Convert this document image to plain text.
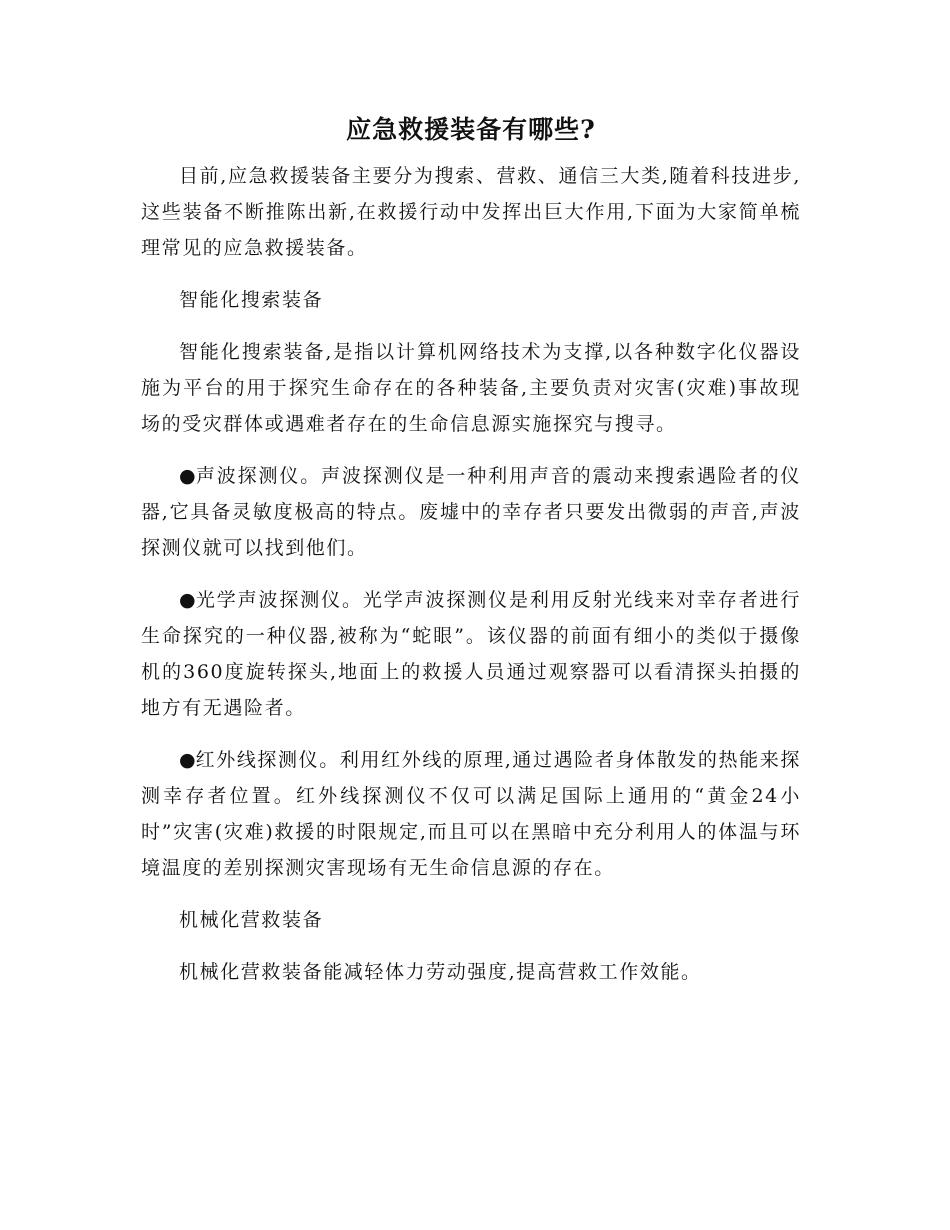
应急救援装备有哪些?

目前,应急救援装备主要分为搜索、营救、通信三大类,随着科技进步,这些装备不断推陈出新,在救援行动中发挥出巨大作用,下面为大家简单梳理常见的应急救援装备。

智能化搜索装备

智能化搜索装备,是指以计算机网络技术为支撑,以各种数字化仪器设施为平台的用于探究生命存在的各种装备,主要负责对灾害(灾难)事故现场的受灾群体或遇难者存在的生命信息源实施探究与搜寻。

●声波探测仪。声波探测仪是一种利用声音的震动来搜索遇险者的仪器,它具备灵敏度极高的特点。废墟中的幸存者只要发出微弱的声音,声波探测仪就可以找到他们。

●光学声波探测仪。光学声波探测仪是利用反射光线来对幸存者进行生命探究的一种仪器,被称为“蛇眼”。该仪器的前面有细小的类似于摄像机的360度旋转探头,地面上的救援人员通过观察器可以看清探头拍摄的地方有无遇险者。

●红外线探测仪。利用红外线的原理,通过遇险者身体散发的热能来探测幸存者位置。红外线探测仪不仅可以满足国际上通用的“黄金24小时”灾害(灾难)救援的时限规定,而且可以在黑暗中充分利用人的体温与环境温度的差别探测灾害现场有无生命信息源的存在。

机械化营救装备

机械化营救装备能减轻体力劳动强度,提高营救工作效能。
